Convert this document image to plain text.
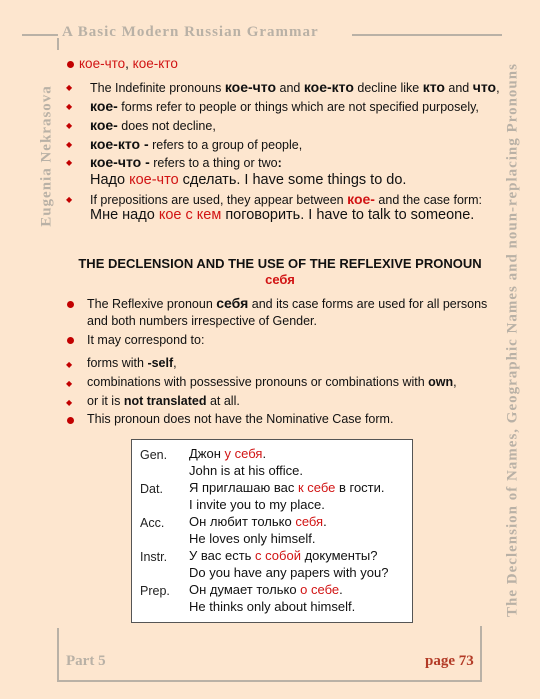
A Basic Modern Russian Grammar
Eugenia Nekrasova	The Declension of Names, Geographic Names and noun-replacing Pronouns
Part 5	page 73
кое-что, кое-кто
◆ The Indefinite pronouns кое-что and кое-кто decline like кто and что,
◆ кое- forms refer to people or things which are not specified purposely,
◆ кое- does not decline,
◆ кое-кто - refers to a group of people,
◆ кое-что - refers to a thing or two:
Надо кое-что сделать. I have some things to do.
◆ If prepositions are used, they appear between кое- and the case form:
Мне надо кое с кем поговорить. I have to talk to someone.
THE DECLENSION AND THE USE OF THE REFLEXIVE PRONOUN
себя
The Reflexive pronoun себя and its case forms are used for all persons
and both numbers irrespective of Gender.
It may correspond to:
◆ forms with -self,
◆ combinations with possessive pronouns or combinations with own,
◆ or it is not translated at all.
This pronoun does not have the Nominative Case form.
Gen. Джон у себя.
John is at his office.
Dat. Я приглашаю вас к себе в гости.
I invite you to my place.
Acc. Он любит только себя.
He loves only himself.
Instr. У вас есть с собой документы?
Do you have any papers with you?
Prep. Он думает только о себе.
He thinks only about himself.
